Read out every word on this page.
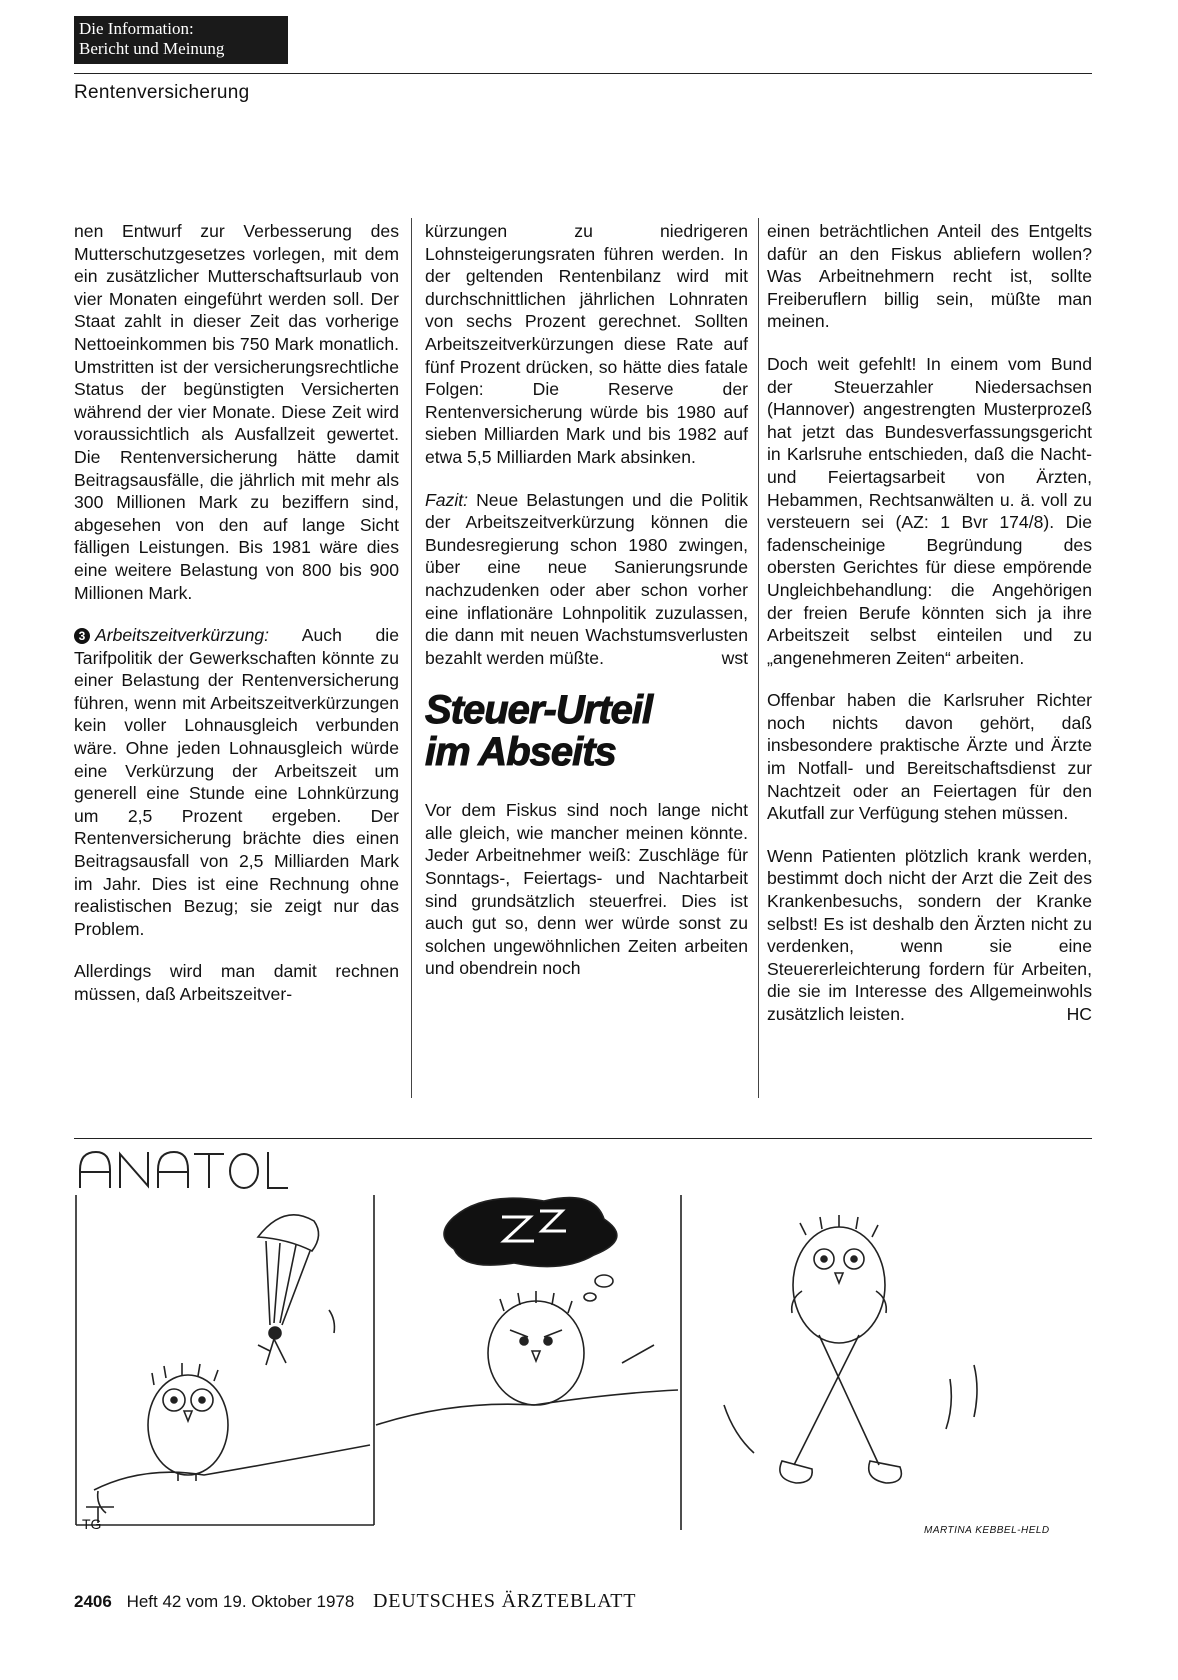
Die Information:
Bericht und Meinung
Rentenversicherung

nen Entwurf zur Verbesserung des Mutterschutzgesetzes vorlegen, mit dem ein zusätzlicher Mutterschaftsurlaub von vier Monaten eingeführt werden soll. Der Staat zahlt in dieser Zeit das vorherige Nettoeinkommen bis 750 Mark monatlich. Umstritten ist der versicherungsrechtliche Status der begünstigten Versicherten während der vier Monate. Diese Zeit wird voraussichtlich als Ausfallzeit gewertet. Die Rentenversicherung hätte damit Beitragsausfälle, die jährlich mit mehr als 300 Millionen Mark zu beziffern sind, abgesehen von den auf lange Sicht fälligen Leistungen. Bis 1981 wäre dies eine weitere Belastung von 800 bis 900 Millionen Mark.

3 Arbeitszeitverkürzung: Auch die Tarifpolitik der Gewerkschaften könnte zu einer Belastung der Rentenversicherung führen, wenn mit Arbeitszeitverkürzungen kein voller Lohnausgleich verbunden wäre. Ohne jeden Lohnausgleich würde eine Verkürzung der Arbeitszeit um generell eine Stunde eine Lohnkürzung um 2,5 Prozent ergeben. Der Rentenversicherung brächte dies einen Beitragsausfall von 2,5 Milliarden Mark im Jahr. Dies ist eine Rechnung ohne realistischen Bezug; sie zeigt nur das Problem.

Allerdings wird man damit rechnen müssen, daß Arbeitszeitver-

kürzungen zu niedrigeren Lohnsteigerungsraten führen werden. In der geltenden Rentenbilanz wird mit durchschnittlichen jährlichen Lohnraten von sechs Prozent gerechnet. Sollten Arbeitszeitverkürzungen diese Rate auf fünf Prozent drücken, so hätte dies fatale Folgen: Die Reserve der Rentenversicherung würde bis 1980 auf sieben Milliarden Mark und bis 1982 auf etwa 5,5 Milliarden Mark absinken.

Fazit: Neue Belastungen und die Politik der Arbeitszeitverkürzung können die Bundesregierung schon 1980 zwingen, über eine neue Sanierungsrunde nachzudenken oder aber schon vorher eine inflationäre Lohnpolitik zuzulassen, die dann mit neuen Wachstumsverlusten bezahlt werden müßte.	wst

Steuer-Urteil
im Abseits

Vor dem Fiskus sind noch lange nicht alle gleich, wie mancher meinen könnte. Jeder Arbeitnehmer weiß: Zuschläge für Sonntags-, Feiertags- und Nachtarbeit sind grundsätzlich steuerfrei. Dies ist auch gut so, denn wer würde sonst zu solchen ungewöhnlichen Zeiten arbeiten und obendrein noch

einen beträchtlichen Anteil des Entgelts dafür an den Fiskus abliefern wollen? Was Arbeitnehmern recht ist, sollte Freiberuflern billig sein, müßte man meinen.

Doch weit gefehlt! In einem vom Bund der Steuerzahler Niedersachsen (Hannover) angestrengten Musterprozeß hat jetzt das Bundesverfassungsgericht in Karlsruhe entschieden, daß die Nacht- und Feiertagsarbeit von Ärzten, Hebammen, Rechtsanwälten u. ä. voll zu versteuern sei (AZ: 1 Bvr 174/8). Die fadenscheinige Begründung des obersten Gerichtes für diese empörende Ungleichbehandlung: die Angehörigen der freien Berufe könnten sich ja ihre Arbeitszeit selbst einteilen und zu „angenehmeren Zeiten“ arbeiten.

Offenbar haben die Karlsruher Richter noch nichts davon gehört, daß insbesondere praktische Ärzte und Ärzte im Notfall- und Bereitschaftsdienst zur Nachtzeit oder an Feiertagen für den Akutfall zur Verfügung stehen müssen.

Wenn Patienten plötzlich krank werden, bestimmt doch nicht der Arzt die Zeit des Krankenbesuchs, sondern der Kranke selbst! Es ist deshalb den Ärzten nicht zu verdenken, wenn sie eine Steuererleichterung fordern für Arbeiten, die sie im Interesse des Allgemeinwohls zusätzlich leisten.	HC

TG	MARTINA KEBBEL-HELD
2406 Heft 42 vom 19. Oktober 1978 DEUTSCHES ÄRZTEBLATT
